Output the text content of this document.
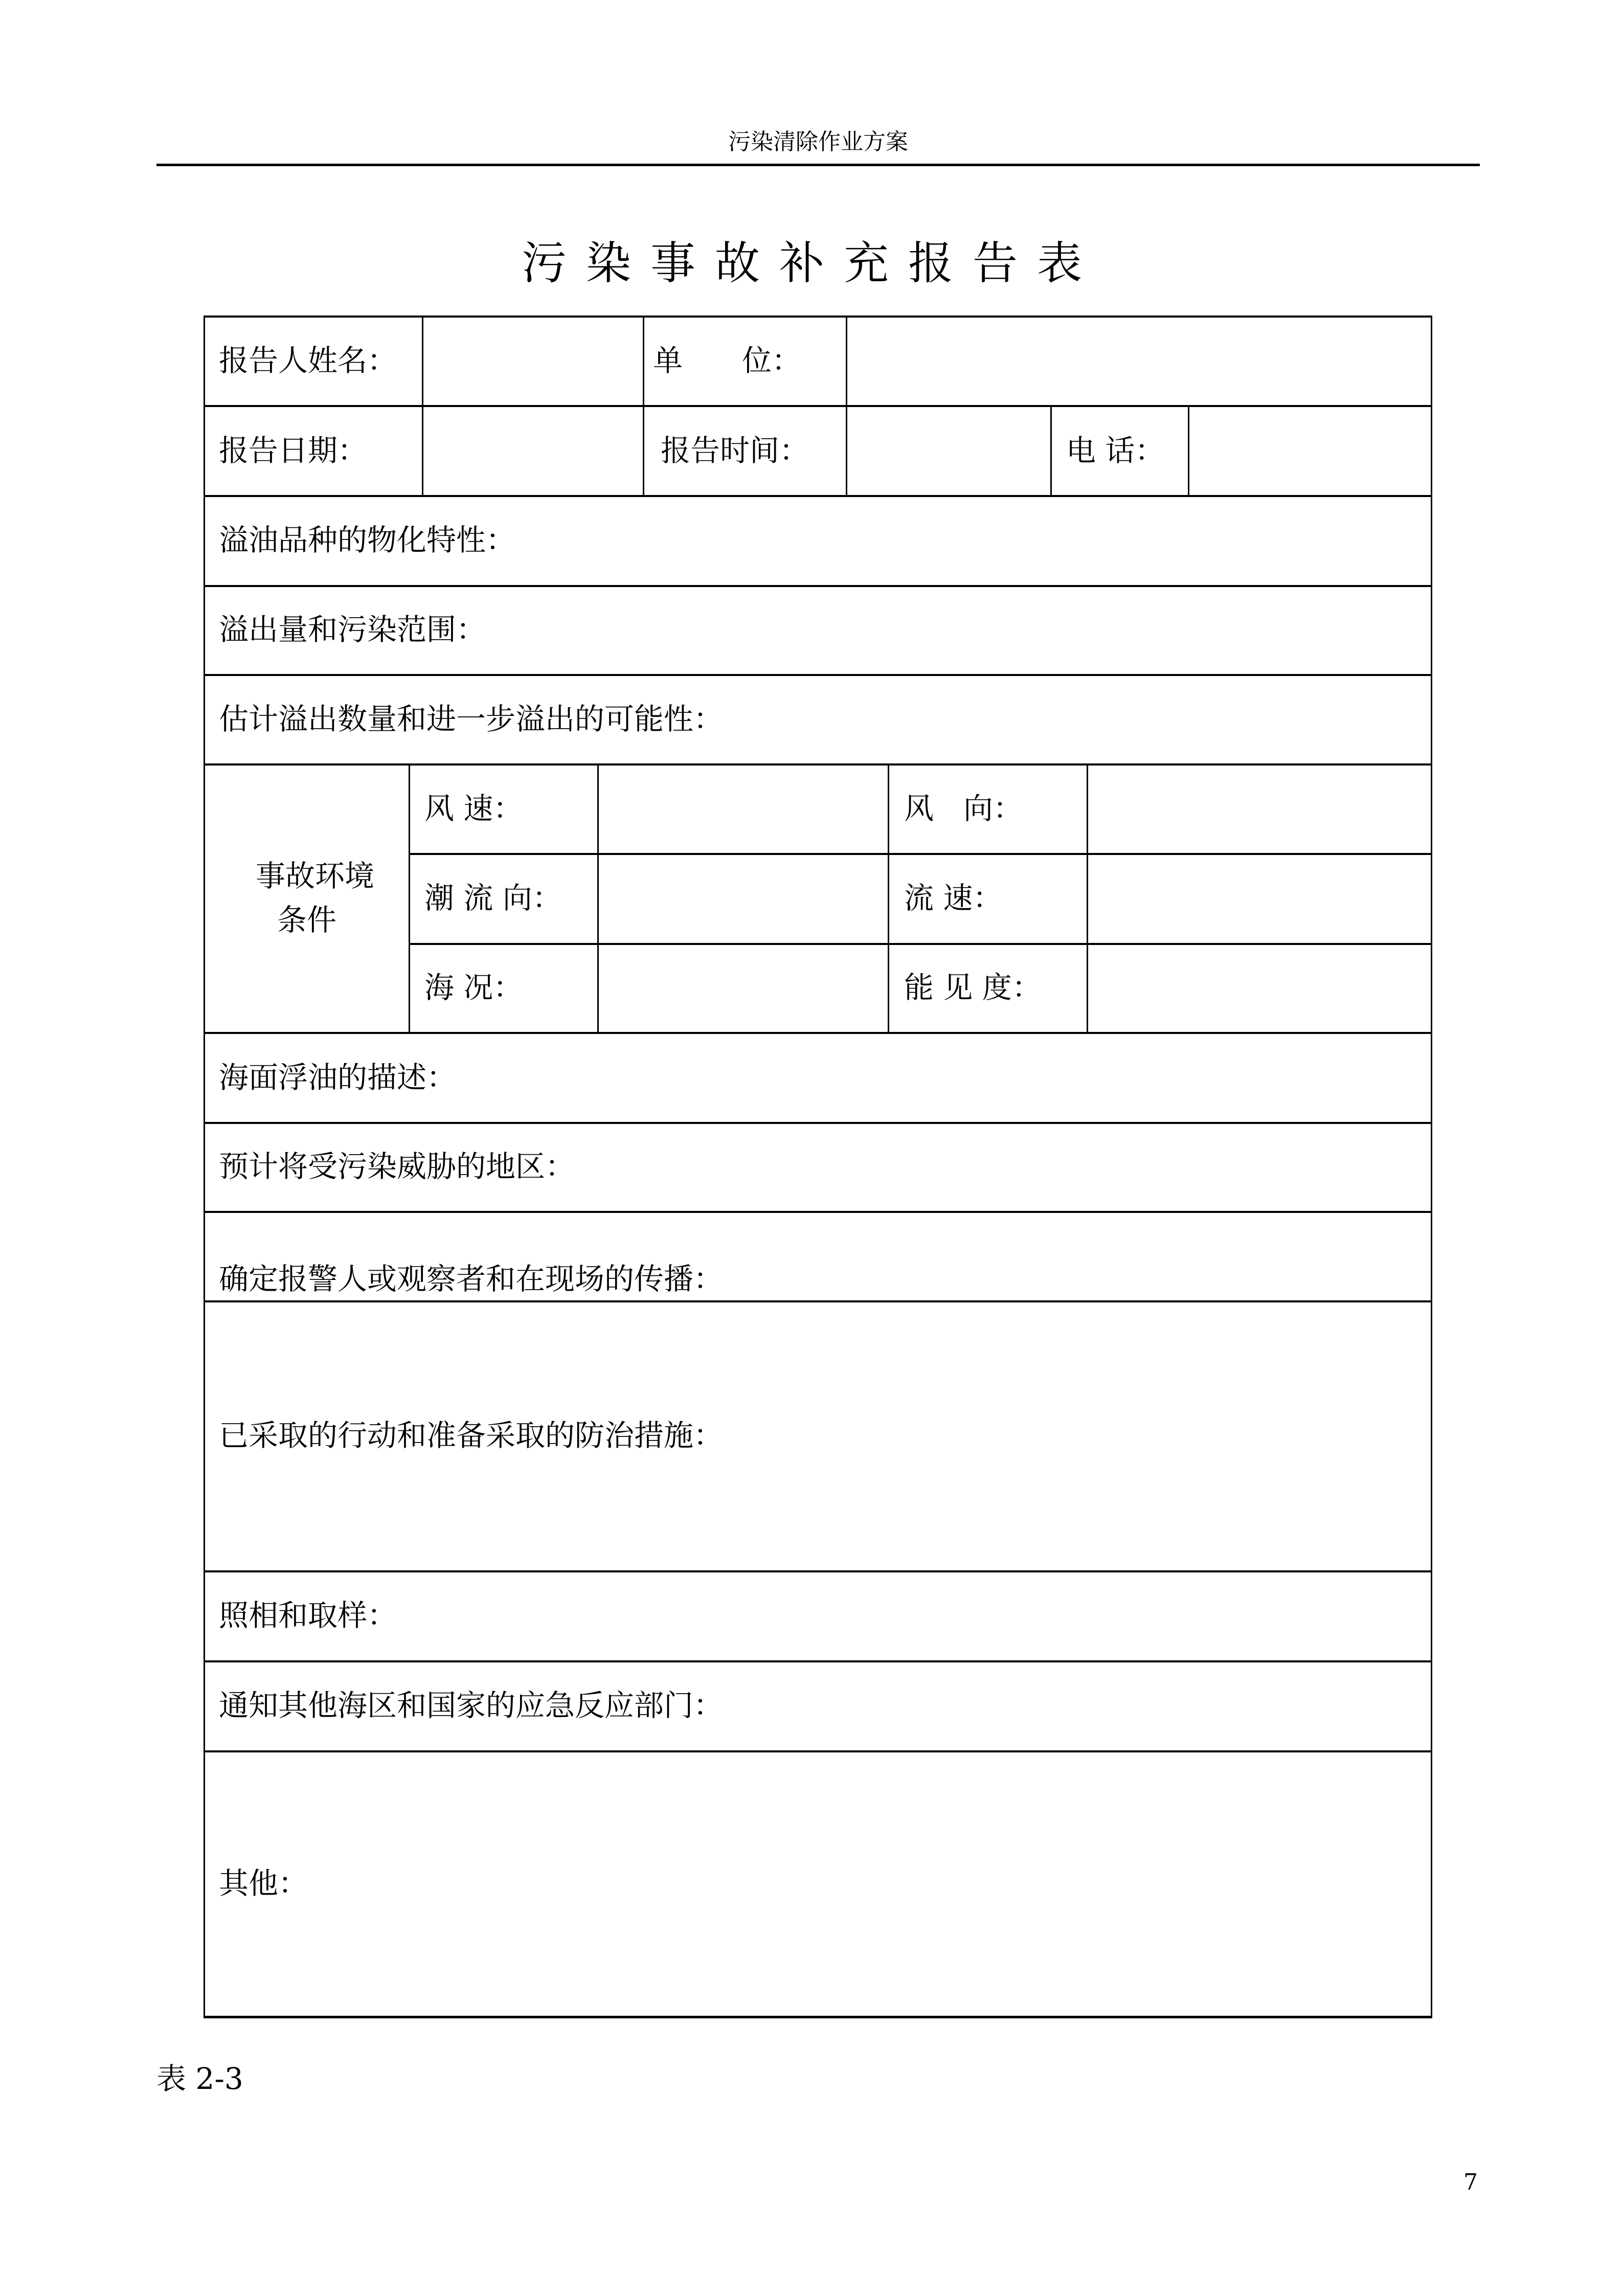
污染清除作业方案
污染事故补充报告表
报告人姓名：	单　　位：
报告日期：	报告时间：	电 话：
溢油品种的物化特性：
溢出量和污染范围：
估计溢出数量和进一步溢出的可能性：
事故环境
条件
风 速：	风　向：
潮 流 向：	流 速：
海 况：	能 见 度：
海面浮油的描述：
预计将受污染威胁的地区：
确定报警人或观察者和在现场的传播：
已采取的行动和准备采取的防治措施：
照相和取样：
通知其他海区和国家的应急反应部门：
其他：
表 2-3
7
